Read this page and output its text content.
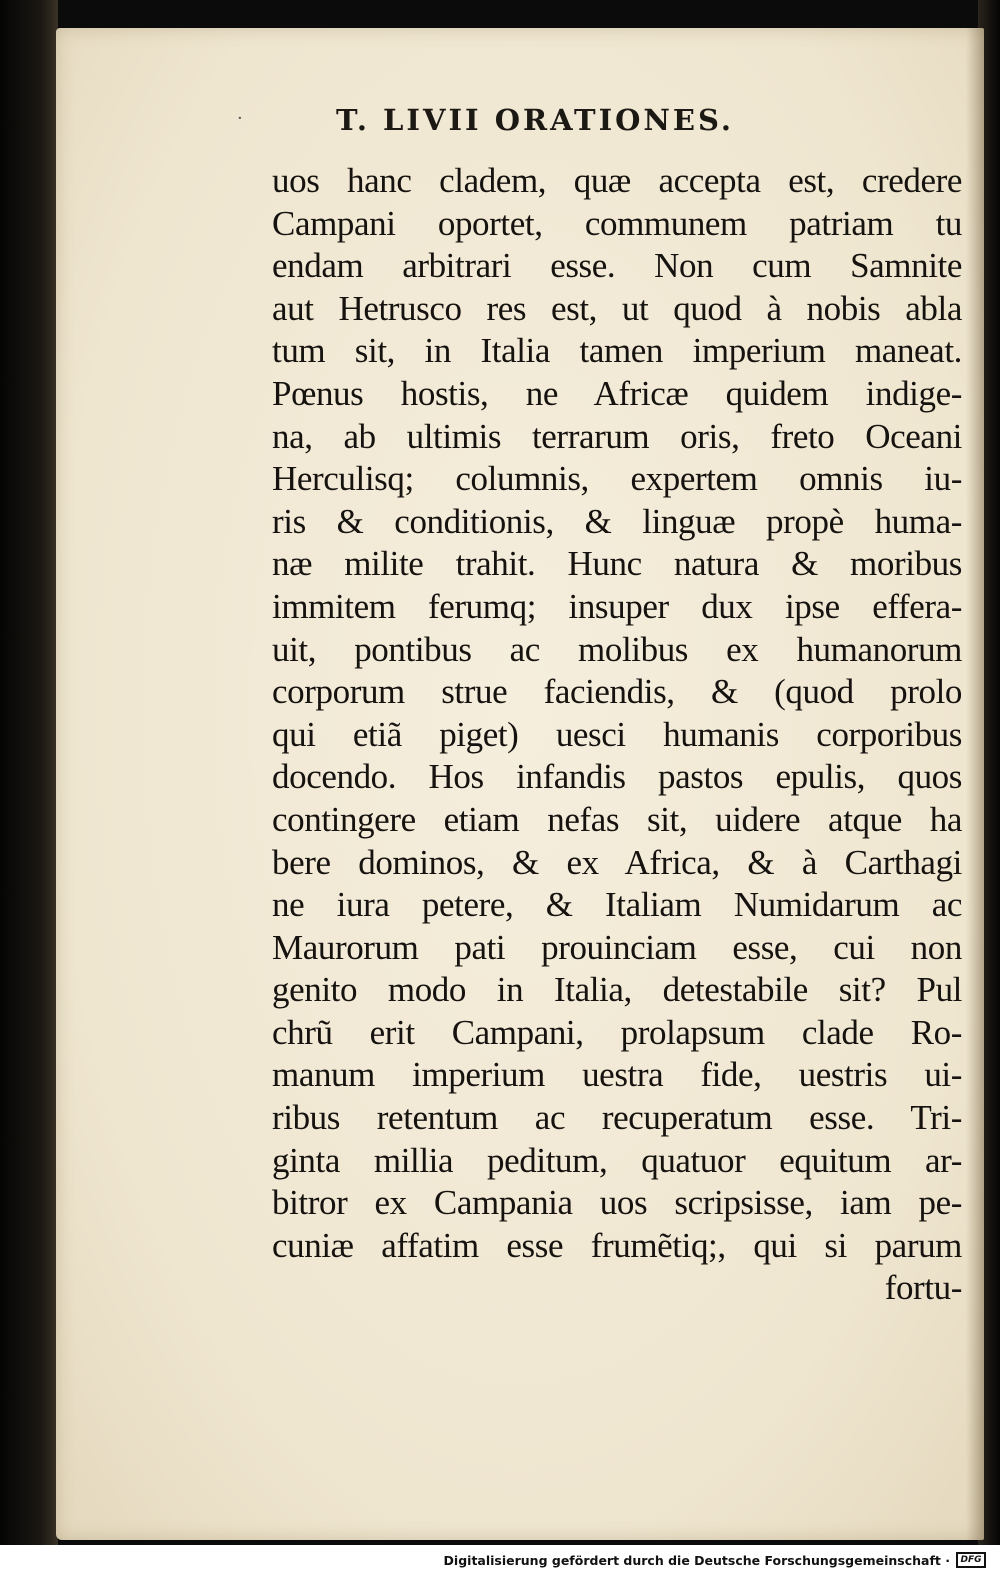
·	T. LIVII ORATIONES.
uos hanc cladem, quæ accepta est, credere
Campani oportet, communem patriam tu
endam arbitrari esse. Non cum Samnite
aut Hetrusco res est, ut quod à nobis abla
tum sit, in Italia tamen imperium maneat.
Pœnus hostis, ne Africæ quidem indige-
na, ab ultimis terrarum oris, freto Oceani
Herculisq; columnis, expertem omnis iu-
ris & conditionis, & linguæ propè huma-
næ milite trahit. Hunc natura & moribus
immitem ferumq; insuper dux ipse effera-
uit, pontibus ac molibus ex humanorum
corporum strue faciendis, & (quod prolo
qui etiã piget) uesci humanis corporibus
docendo. Hos infandis pastos epulis, quos
contingere etiam nefas sit, uidere atque ha
bere dominos, & ex Africa, & à Carthagi
ne iura petere, & Italiam Numidarum ac
Maurorum pati prouinciam esse, cui non
genito modo in Italia, detestabile sit? Pul
chrũ erit Campani, prolapsum clade Ro-
manum imperium uestra fide, uestris ui-
ribus retentum ac recuperatum esse. Tri-
ginta millia peditum, quatuor equitum ar-
bitror ex Campania uos scripsisse, iam pe-
cuniæ affatim esse frumẽtiq;, qui si parum
fortu-
Digitalisierung gefördert durch die Deutsche Forschungsgemeinschaft ·	DFG
